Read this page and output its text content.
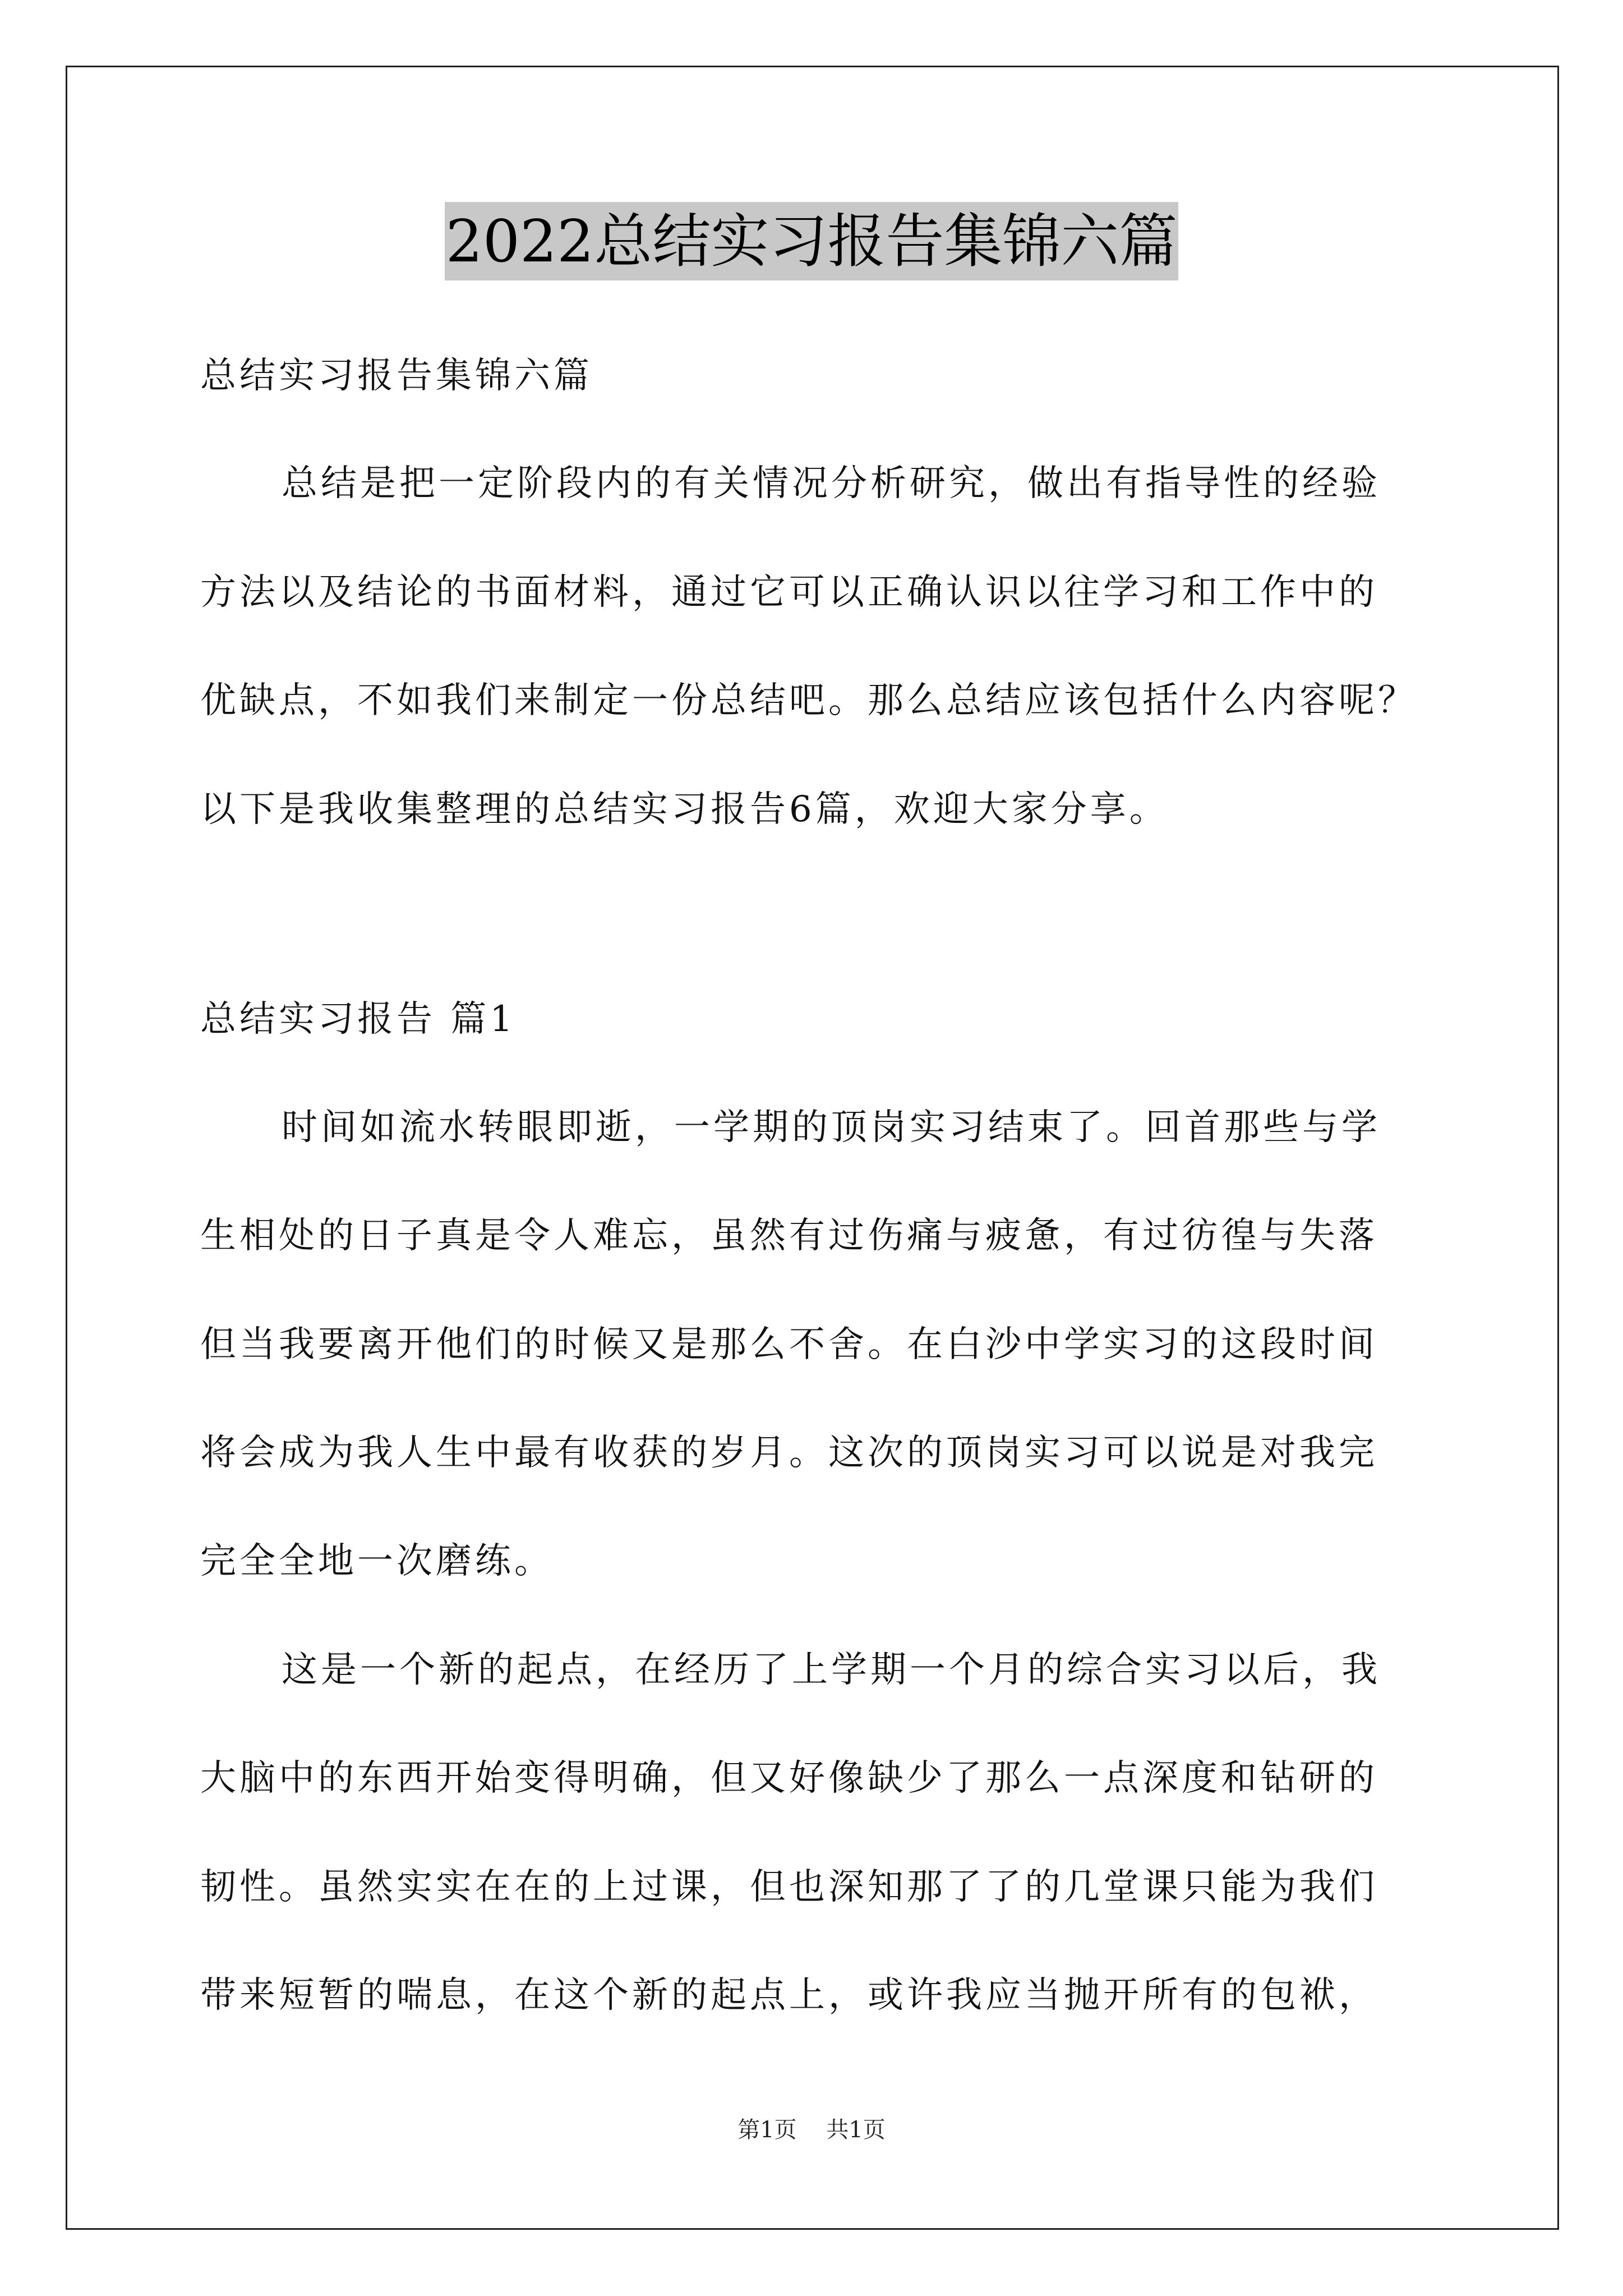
2022总结实习报告集锦六篇
总结实习报告集锦六篇
总结是把一定阶段内的有关情况分析研究，做出有指导性的经验
方法以及结论的书面材料，通过它可以正确认识以往学习和工作中的
优缺点，不如我们来制定一份总结吧。那么总结应该包括什么内容呢？
以下是我收集整理的总结实习报告6篇，欢迎大家分享。
总结实习报告 篇1
时间如流水转眼即逝，一学期的顶岗实习结束了。回首那些与学
生相处的日子真是令人难忘，虽然有过伤痛与疲惫，有过彷徨与失落
但当我要离开他们的时候又是那么不舍。在白沙中学实习的这段时间
将会成为我人生中最有收获的岁月。这次的顶岗实习可以说是对我完
完全全地一次磨练。
这是一个新的起点，在经历了上学期一个月的综合实习以后，我
大脑中的东西开始变得明确，但又好像缺少了那么一点深度和钻研的
韧性。虽然实实在在的上过课，但也深知那了了的几堂课只能为我们
带来短暂的喘息，在这个新的起点上，或许我应当抛开所有的包袱，
第1页 共1页
